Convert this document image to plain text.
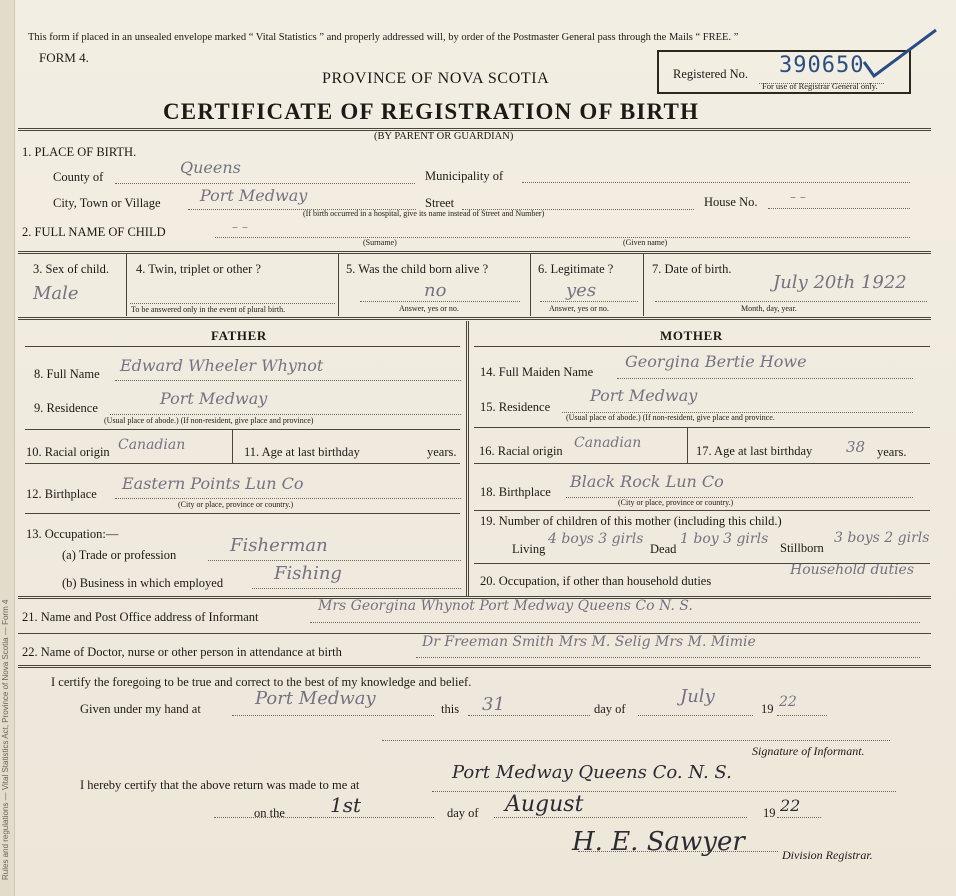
Rules and regulations — Vital Statistics Act, Province of Nova Scotia — Form 4
This form if placed in an unsealed envelope marked “ Vital Statistics ” and properly addressed will, by order of the Postmaster General pass through the Mails “ FREE. ”
FORM 4.
PROVINCE OF NOVA SCOTIA
CERTIFICATE OF REGISTRATION OF BIRTH
(BY PARENT OR GUARDIAN)
Registered No. 390650
For use of Registrar General only.
1. PLACE OF BIRTH.
County of	Queens	Municipality of
City, Town or Village Port Medway	Street	House No.	– –
(If birth occurred in a hospital, give its name instead of Street and Number)
2. FULL NAME OF CHILD	– –
(Surname)	(Given name)
3. Sex of child.
Male
4. Twin, triplet or other ?
To be answered only in the event of plural birth.
5. Was the child born alive ?
no
Answer, yes or no.
6. Legitimate ?
yes
Answer, yes or no.
7. Date of birth.
July 20th 1922
Month, day, year.
FATHER
8. Full Name Edward Wheeler Whynot
9. Residence	Port Medway
(Usual place of abode.) (If non-resident, give place and province)
10. Racial origin Canadian	11. Age at last birthday	years.
12. Birthplace
Eastern Points Lun Co
(City or place, province or country.)
13. Occupation:—
(a) Trade or profession	Fisherman
(b) Business in which employed	Fishing
MOTHER
14. Full Maiden Name
Georgina Bertie Howe
15. Residence
Port Medway
(Usual place of abode.) (If non-resident, give place and province.
16. Racial origin Canadian	17. Age at last birthday 38 years.
18. Birthplace
Black Rock Lun Co
(City or place, province or country.)
19. Number of children of this mother (including this child.)
Living
4 boys 3 girls
Dead
1 boy 3 girls
Stillborn
3 boys 2 girls
20. Occupation, if other than household duties
Household duties
21. Name and Post Office address of Informant
Mrs Georgina Whynot Port Medway Queens Co N. S.
22. Name of Doctor, nurse or other person in attendance at birth
Dr Freeman Smith Mrs M. Selig Mrs M. Mimie
I certify the foregoing to be true and correct to the best of my knowledge and belief.
Given under my hand at	Port Medway	this 31	day of
July
19 22
Signature of Informant.
I hereby certify that the above return was made to me at
Port Medway Queens Co. N. S.
on the 1st	day of August	19 22
H. E. Sawyer	Division Registrar.
